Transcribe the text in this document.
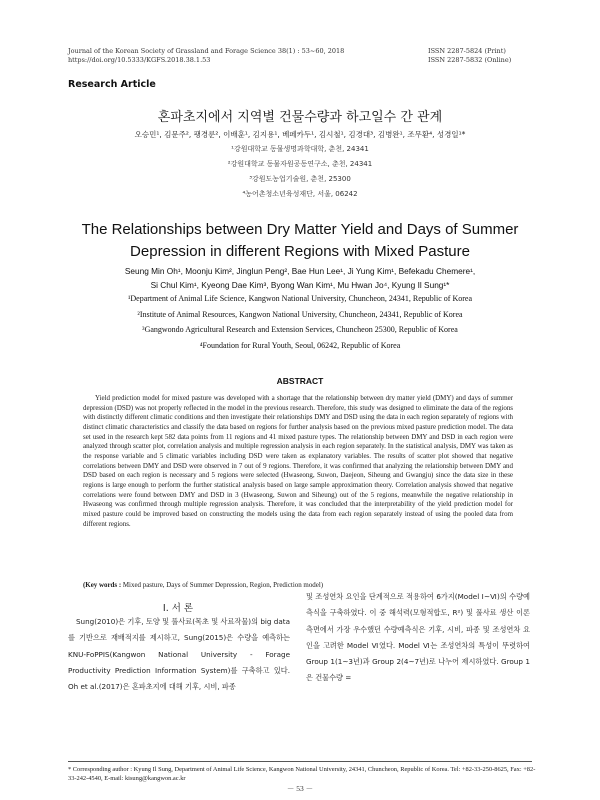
Journal of the Korean Society of Grassland and Forage Science 38(1) : 53~60, 2018
https://doi.org/10.5333/KGFS.2018.38.1.53
ISSN 2287-5824 (Print)
ISSN 2287-5832 (Online)
Research Article
혼파초지에서 지역별 건물수량과 하고일수 간 관계
오승민¹, 김문주², 팽경룬², 이배훈¹, 김지용¹, 베페카두¹, 김시철¹, 김경대³, 김병완¹, 조무환⁴, 성경일¹*
¹강원대학교 동물생명과학대학, 춘천, 24341
²강원대학교 동물자원공동연구소, 춘천, 24341
³강원도농업기술원, 춘천, 25300
⁴농어촌청소년육성재단, 서울, 06242
The Relationships between Dry Matter Yield and Days of Summer
Depression in different Regions with Mixed Pasture
Seung Min Oh¹, Moonju Kim², Jinglun Peng², Bae Hun Lee¹, Ji Yung Kim¹, Befekadu Chemere¹,
Si Chul Kim¹, Kyeong Dae Kim³, Byong Wan Kim¹, Mu Hwan Jo⁴, Kyung Il Sung¹*
¹Department of Animal Life Science, Kangwon National University, Chuncheon, 24341, Republic of Korea
²Institute of Animal Resources, Kangwon National University, Chuncheon, 24341, Republic of Korea
³Gangwondo Agricultural Research and Extension Services, Chuncheon 25300, Republic of Korea
⁴Foundation for Rural Youth, Seoul, 06242, Republic of Korea
ABSTRACT

Yield prediction model for mixed pasture was developed with a shortage that the relationship between dry matter yield (DMY) and days of summer depression (DSD) was not properly reflected in the model in the previous research. Therefore, this study was designed to eliminate the data of the regions with distinctly different climatic conditions and then investigate their relationships DMY and DSD using the data in each region separately of regions with distinct climatic characteristics and classify the data based on regions for further analysis based on the previous mixed pasture prediction model. The data set used in the research kept 582 data points from 11 regions and 41 mixed pasture types. The relationship between DMY and DSD in each region were analyzed through scatter plot, correlation analysis and multiple regression analysis in each region separately. In the statistical analysis, DMY was taken as the response variable and 5 climatic variables including DSD were taken as explanatory variables. The results of scatter plot showed that negative correlations between DMY and DSD were observed in 7 out of 9 regions. Therefore, it was confirmed that analyzing the relationship between DMY and DSD based on each region is necessary and 5 regions were selected (Hwaseong, Suwon, Daejeon, Siheung and Gwangju) since the data size in these regions is large enough to perform the further statistical analysis based on large sample approximation theory. Correlation analysis showed that negative correlations were found between DMY and DSD in 3 (Hwaseong, Suwon and Siheung) out of the 5 regions, meanwhile the negative relationship in Hwaseong was confirmed through multiple regression analysis. Therefore, it was concluded that the interpretability of the yield prediction model for mixed pasture could be improved based on constructing the models using the data from each region separately instead of using the pooled data from different regions.

(Key words : Mixed pasture, Days of Summer Depression, Region, Prediction model)
Ⅰ. 서 론

Sung(2010)은 기후, 토양 및 풀사료(목초 및 사료작물)의 big data를 기반으로 재배적지를 제시하고, Sung(2015)은 수량을 예측하는 KNU-FoPPIS(Kangwon National University - Forage Productivity Prediction Information System)를 구축하고 있다. Oh et al.(2017)은 혼파초지에 대해 기후, 시비, 파종

및 조성연차 요인을 단계적으로 적용하여 6가지(Model Ⅰ~Ⅵ)의 수량예측식을 구축하였다. 이 중 해석력(모형적합도, R²) 및 풀사료 생산 이론 측면에서 가장 우수했던 수량예측식은 기후, 시비, 파종 및 조성연차 요인을 고려한 Model Ⅵ였다. Model Ⅵ는 조성연차의 특성이 뚜렷하여 Group 1(1~3년)과 Group 2(4~7년)로 나누어 제시하였다. Group 1은 건물수량 =

* Corresponding author : Kyung Il Sung, Department of Animal Life Science, Kangwon National University, 24341, Chuncheon, Republic of Korea. Tel: +82-33-250-8625, Fax: +82-33-242-4540, E-mail: kisung@kangwon.ac.kr
－ 53 －
